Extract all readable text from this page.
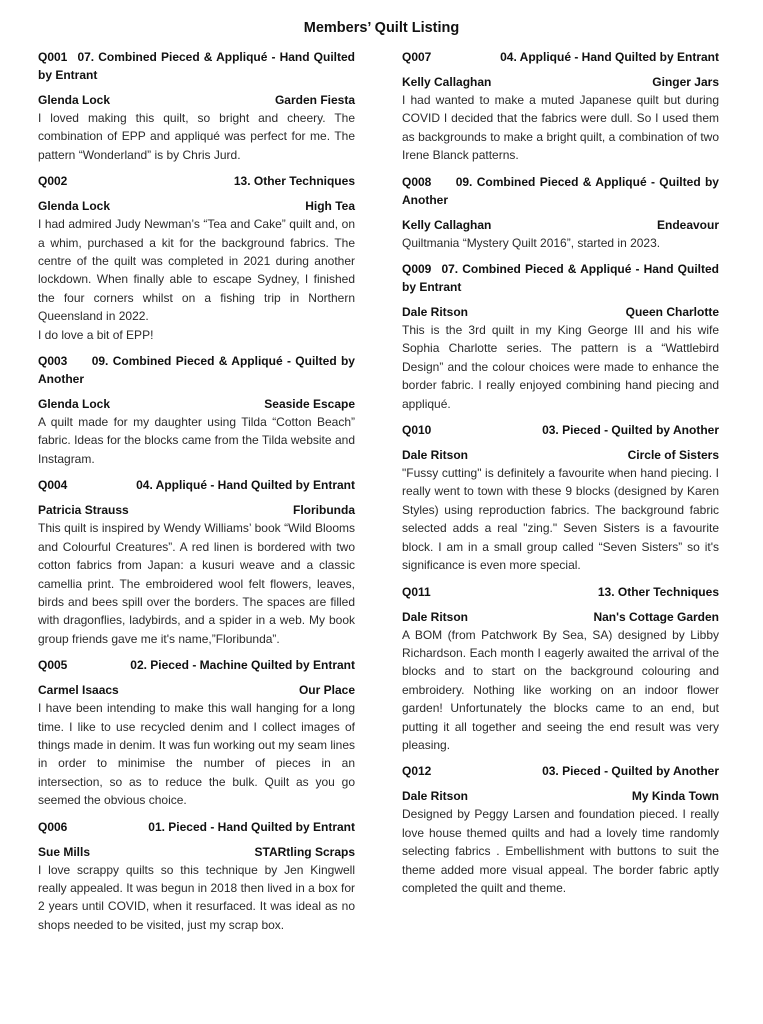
Members’ Quilt Listing
Q001 07. Combined Pieced & Appliqué - Hand Quilted by Entrant
Glenda Lock	Garden Fiesta

I loved making this quilt, so bright and cheery. The combination of EPP and appliqué was perfect for me. The pattern “Wonderland” is by Chris Jurd.

Q002	13. Other Techniques
Glenda Lock	High Tea

I had admired Judy Newman’s “Tea and Cake” quilt and, on a whim, purchased a kit for the background fabrics. The centre of the quilt was completed in 2021 during another lockdown. When finally able to escape Sydney, I finished the four corners whilst on a fishing trip in Northern Queensland in 2022.

I do love a bit of EPP!

Q003 09. Combined Pieced & Appliqué - Quilted by Another
Glenda Lock	Seaside Escape

A quilt made for my daughter using Tilda “Cotton Beach” fabric. Ideas for the blocks came from the Tilda website and Instagram.

Q004	04. Appliqué - Hand Quilted by Entrant
Patricia Strauss	Floribunda

This quilt is inspired by Wendy Williams’ book “Wild Blooms and Colourful Creatures”. A red linen is bordered with two cotton fabrics from Japan: a kusuri weave and a classic camellia print. The embroidered wool felt flowers, leaves, birds and bees spill over the borders. The spaces are filled with dragonflies, ladybirds, and a spider in a web. My book group friends gave me it's name,”Floribunda”.

Q005	02. Pieced - Machine Quilted by Entrant
Carmel Isaacs	Our Place

I have been intending to make this wall hanging for a long time. I like to use recycled denim and I collect images of things made in denim. It was fun working out my seam lines in order to minimise the number of pieces in an intersection, so as to reduce the bulk. Quilt as you go seemed the obvious choice.

Q006	01. Pieced - Hand Quilted by Entrant
Sue Mills	STARtling Scraps

I love scrappy quilts so this technique by Jen Kingwell really appealed. It was begun in 2018 then lived in a box for 2 years until COVID, when it resurfaced. It was ideal as no shops needed to be visited, just my scrap box.

Q007	04. Appliqué - Hand Quilted by Entrant
Kelly Callaghan	Ginger Jars

I had wanted to make a muted Japanese quilt but during COVID I decided that the fabrics were dull. So I used them as backgrounds to make a bright quilt, a combination of two Irene Blanck patterns.

Q008 09. Combined Pieced & Appliqué - Quilted by Another
Kelly Callaghan	Endeavour

Quiltmania “Mystery Quilt 2016”, started in 2023.

Q009 07. Combined Pieced & Appliqué - Hand Quilted by Entrant
Dale Ritson	Queen Charlotte

This is the 3rd quilt in my King George III and his wife Sophia Charlotte series. The pattern is a “Wattlebird Design” and the colour choices were made to enhance the border fabric. I really enjoyed combining hand piecing and appliqué.

Q010	03. Pieced - Quilted by Another
Dale Ritson	Circle of Sisters

"Fussy cutting" is definitely a favourite when hand piecing. I really went to town with these 9 blocks (designed by Karen Styles) using reproduction fabrics. The background fabric selected adds a real "zing." Seven Sisters is a favourite block. I am in a small group called “Seven Sisters” so it's significance is even more special.

Q011	13. Other Techniques
Dale Ritson	Nan's Cottage Garden

A BOM (from Patchwork By Sea, SA) designed by Libby Richardson. Each month I eagerly awaited the arrival of the blocks and to start on the background colouring and embroidery. Nothing like working on an indoor flower garden! Unfortunately the blocks came to an end, but putting it all together and seeing the end result was very pleasing.

Q012	03. Pieced - Quilted by Another
Dale Ritson	My Kinda Town

Designed by Peggy Larsen and foundation pieced. I really love house themed quilts and had a lovely time randomly selecting fabrics . Embellishment with buttons to suit the theme added more visual appeal. The border fabric aptly completed the quilt and theme.
